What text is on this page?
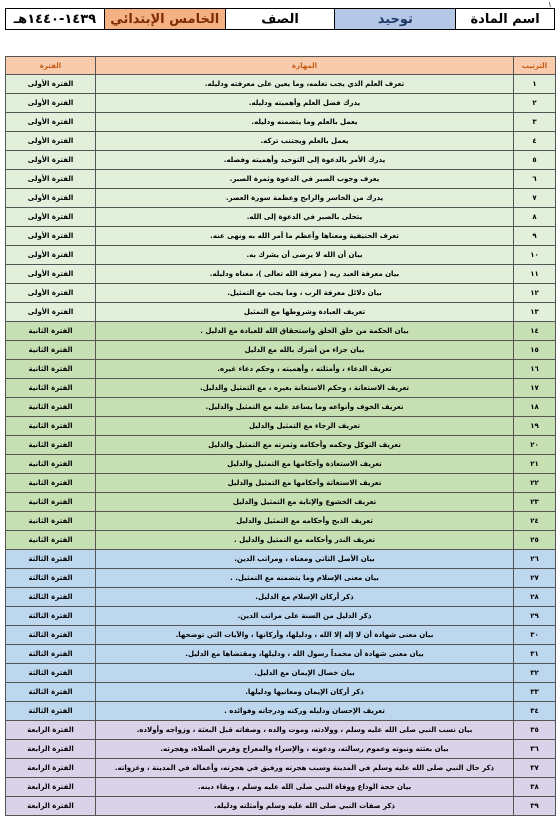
١
اسم المادة	توحيد	الصف	الخامس الإبتدائي	١٤٣٩-١٤٤٠هـ
الترتيب	المهارة	الفترة
١	تعرف العلم الذي يجب تعلمه، وما يعين على معرفته ودليله.	الفترة الأولى
٢	يدرك فضل العلم وأهميته ودليله.	الفترة الأولى
٣	يعمل بالعلم وما يتضمنه ودليله.	الفترة الأولى
٤	يعمل بالعلم ويجتنب تركه.	الفترة الأولى
٥	يدرك الأمر بالدعوة إلى التوحيد وأهميته وفضله.	الفترة الأولى
٦	يعرف وجوب الصبر في الدعوة وثمرة الصبر.	الفترة الأولى
٧	يدرك من الخاسر والرابح وعظمة سورة العصر.	الفترة الأولى
٨	يتحلى بالصبر في الدعوة إلى الله.	الفترة الأولى
٩	تعرف الحنيفية ومعناها وأعظم ما أمر الله به ونهى عنه.	الفترة الأولى
١٠	بيان أن الله لا يرضى أن يشرك به.	الفترة الأولى
١١	بيان معرفة العبد ربه ( معرفة الله تعالى )، معناه ودليله.	الفترة الأولى
١٢	بيان دلائل معرفة الرب ، وما يجب مع التمثيل.	الفترة الأولى
١٣	تعريف العبادة وشروطها مع التمثيل	الفترة الأولى
١٤	بيان الحكمة من خلق الخلق واستحقاق الله للعبادة مع الدليل .	الفترة الثانية
١٥	بيان جزاء من أشرك بالله مع الدليل	الفترة الثانية
١٦	تعريف الدعاء ، وأمثلته ، وأهميته ، وحكم دعاء غيره.	الفترة الثانية
١٧	تعريف الاستعانة ، وحكم الاستعانة بغيره ، مع التمثيل والدليل.	الفترة الثانية
١٨	تعريف الخوف وأنواعه وما يساعد عليه مع التمثيل والدليل.	الفترة الثانية
١٩	تعريف الرجاء مع التمثيل والدليل	الفترة الثانية
٢٠	تعريف التوكل وحكمه وأحكامه وثمرته مع التمثيل والدليل	الفترة الثانية
٢١	تعريف الاستعاذة وأحكامها مع التمثيل والدليل	الفترة الثانية
٢٢	تعريف الاستغاثة وأحكامها مع التمثيل والدليل	الفترة الثانية
٢٣	تعريف الخشوع والإنابة مع التمثيل والدليل	الفترة الثانية
٢٤	تعريف الذبح وأحكامه مع التمثيل والدليل	الفترة الثانية
٢٥	تعريف النذر وأحكامه مع التمثيل والدليل .	الفترة الثانية
٢٦	بيان الأصل الثاني ومعناه ، ومراتب الدين.	الفترة الثالثة
٢٧	بيان معنى الإسلام وما يتضمنه مع التمثيل. .	الفترة الثالثة
٢٨	ذكر أركان الإسلام مع الدليل.	الفترة الثالثة
٢٩	ذكر الدليل من السنة على مراتب الدين.	الفترة الثالثة
٣٠	بيان معنى شهادة أن لا إله إلا الله ، ودليلها، وأركانها ، والآيات التي توضحها.	الفترة الثالثة
٣١	بيان معنى شهادة أن محمداً رسول الله ، ودليلها، ومقتضاها مع الدليل.	الفترة الثالثة
٣٢	بيان خصال الإيمان مع الدليل.	الفترة الثالثة
٣٣	ذكر أركان الإيمان ومعانيها ودليلها.	الفترة الثالثة
٣٤	تعريف الإحسان ودليله وركنه ودرجاته وفوائده .	الفترة الثالثة
٣٥	بيان نسب النبي صلى الله عليه وسلم ، وولادته، وموت والده ، وصفاته قبل البعثة ، وزواجه وأولاده.	الفترة الرابعة
٣٦	بيان بعثته ونبوته وعموم رسالته، ودعوته ، والإسراء والمعراج وفرض الصلاة، وهجرته.	الفترة الرابعة
٣٧	ذكر حال النبي صلى الله عليه وسلم في المدينة وسبب هجرته ورفيق في هجرته، وأعماله في المدينة ، وغزواته.	الفترة الرابعة
٣٨	بيان حجة الوداع ووفاة النبي صلى الله عليه وسلم ، وبقاء دينه.	الفترة الرابعة
٣٩	ذكر صفات النبي صلى الله عليه وسلم وأمثلته ودليله.	الفترة الرابعة
